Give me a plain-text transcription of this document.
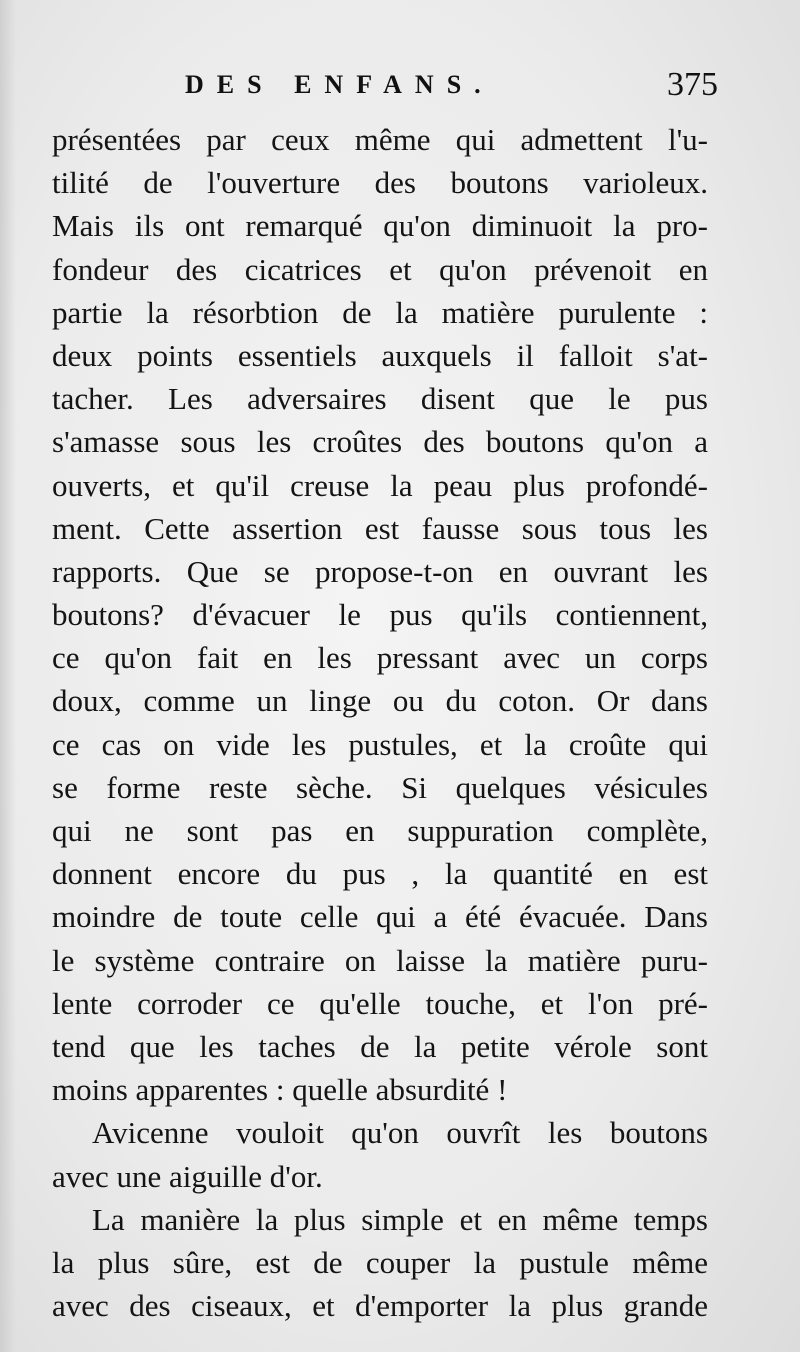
DES ENFANS.	375
présentées par ceux même qui admettent l'u-
tilité de l'ouverture des boutons varioleux.
Mais ils ont remarqué qu'on diminuoit la pro-
fondeur des cicatrices et qu'on prévenoit en
partie la résorbtion de la matière purulente :
deux points essentiels auxquels il falloit s'at-
tacher. Les adversaires disent que le pus
s'amasse sous les croûtes des boutons qu'on a
ouverts, et qu'il creuse la peau plus profondé-
ment. Cette assertion est fausse sous tous les
rapports. Que se propose-t-on en ouvrant les
boutons? d'évacuer le pus qu'ils contiennent,
ce qu'on fait en les pressant avec un corps
doux, comme un linge ou du coton. Or dans
ce cas on vide les pustules, et la croûte qui
se forme reste sèche. Si quelques vésicules
qui ne sont pas en suppuration complète,
donnent encore du pus , la quantité en est
moindre de toute celle qui a été évacuée. Dans
le système contraire on laisse la matière puru-
lente corroder ce qu'elle touche, et l'on pré-
tend que les taches de la petite vérole sont
moins apparentes : quelle absurdité !
Avicenne vouloit qu'on ouvrît les boutons
avec une aiguille d'or.
La manière la plus simple et en même temps
la plus sûre, est de couper la pustule même
avec des ciseaux, et d'emporter la plus grande
